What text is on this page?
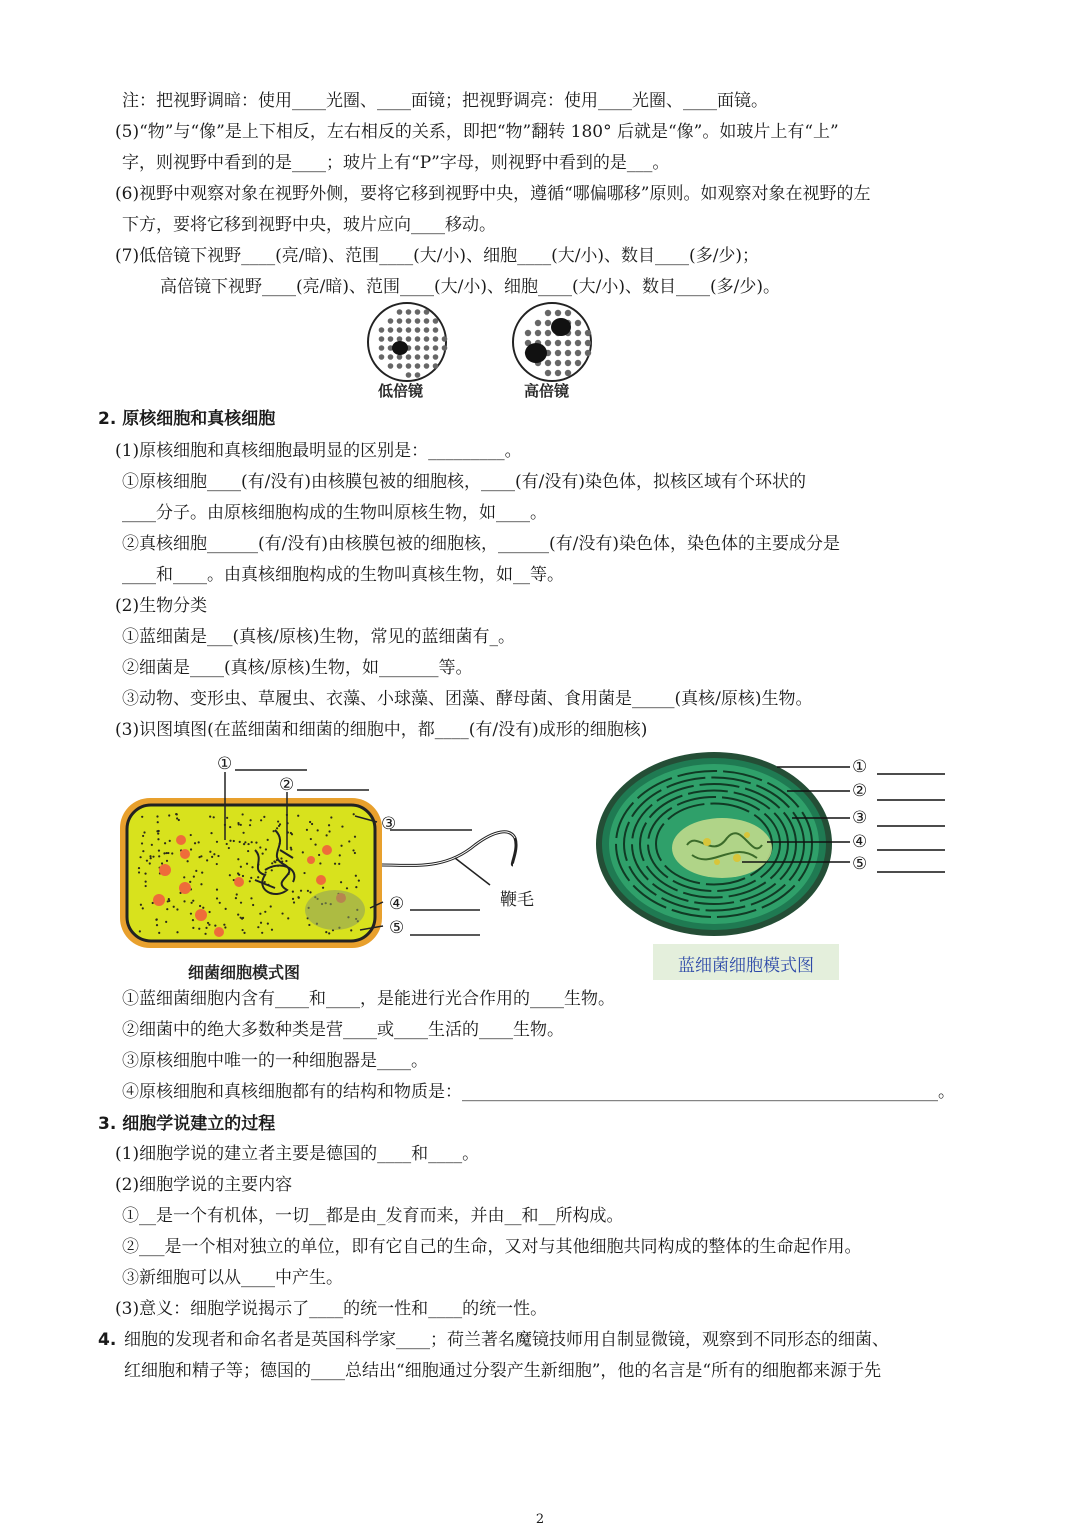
注：把视野调暗：使用____光圈、____面镜；把视野调亮：使用____光圈、____面镜。
(5)“物”与“像”是上下相反，左右相反的关系，即把“物”翻转 180° 后就是“像”。如玻片上有“上”
字，则视野中看到的是____；玻片上有“P”字母，则视野中看到的是___。
(6)视野中观察对象在视野外侧，要将它移到视野中央，遵循“哪偏哪移”原则。如观察对象在视野的左
下方，要将它移到视野中央，玻片应向____移动。
(7)低倍镜下视野____(亮/暗)、范围____(大/小)、细胞____(大/小)、数目____(多/少)；
高倍镜下视野____(亮/暗)、范围____(大/小)、细胞____(大/小)、数目____(多/少)。
低倍镜	高倍镜
2. 原核细胞和真核细胞
(1)原核细胞和真核细胞最明显的区别是：_________。
①原核细胞____(有/没有)由核膜包被的细胞核，____(有/没有)染色体，拟核区域有个环状的
____分子。由原核细胞构成的生物叫原核生物，如____。
②真核细胞______(有/没有)由核膜包被的细胞核，______(有/没有)染色体，染色体的主要成分是
____和____。由真核细胞构成的生物叫真核生物，如__等。
(2)生物分类
①蓝细菌是___(真核/原核)生物，常见的蓝细菌有_。
②细菌是____(真核/原核)生物，如_______等。
③动物、变形虫、草履虫、衣藻、小球藻、团藻、酵母菌、食用菌是_____(真核/原核)生物。
(3)识图填图(在蓝细菌和细菌的细胞中，都____(有/没有)成形的细胞核)
①
②
③
④
⑤
鞭毛
细菌细胞模式图
①
②
③
④
⑤
蓝细菌细胞模式图
①蓝细菌细胞内含有____和____，是能进行光合作用的____生物。
②细菌中的绝大多数种类是营____或____生活的____生物。
③原核细胞中唯一的一种细胞器是____。
④原核细胞和真核细胞都有的结构和物质是：________________________________________________________。
3. 细胞学说建立的过程
(1)细胞学说的建立者主要是德国的____和____。
(2)细胞学说的主要内容
①__是一个有机体，一切__都是由_发育而来，并由__和__所构成。
②___是一个相对独立的单位，即有它自己的生命，又对与其他细胞共同构成的整体的生命起作用。
③新细胞可以从____中产生。
(3)意义：细胞学说揭示了____的统一性和____的统一性。
4. 细胞的发现者和命名者是英国科学家____；荷兰著名魔镜技师用自制显微镜，观察到不同形态的细菌、
红细胞和精子等；德国的____总结出“细胞通过分裂产生新细胞”，他的名言是“所有的细胞都来源于先
2
